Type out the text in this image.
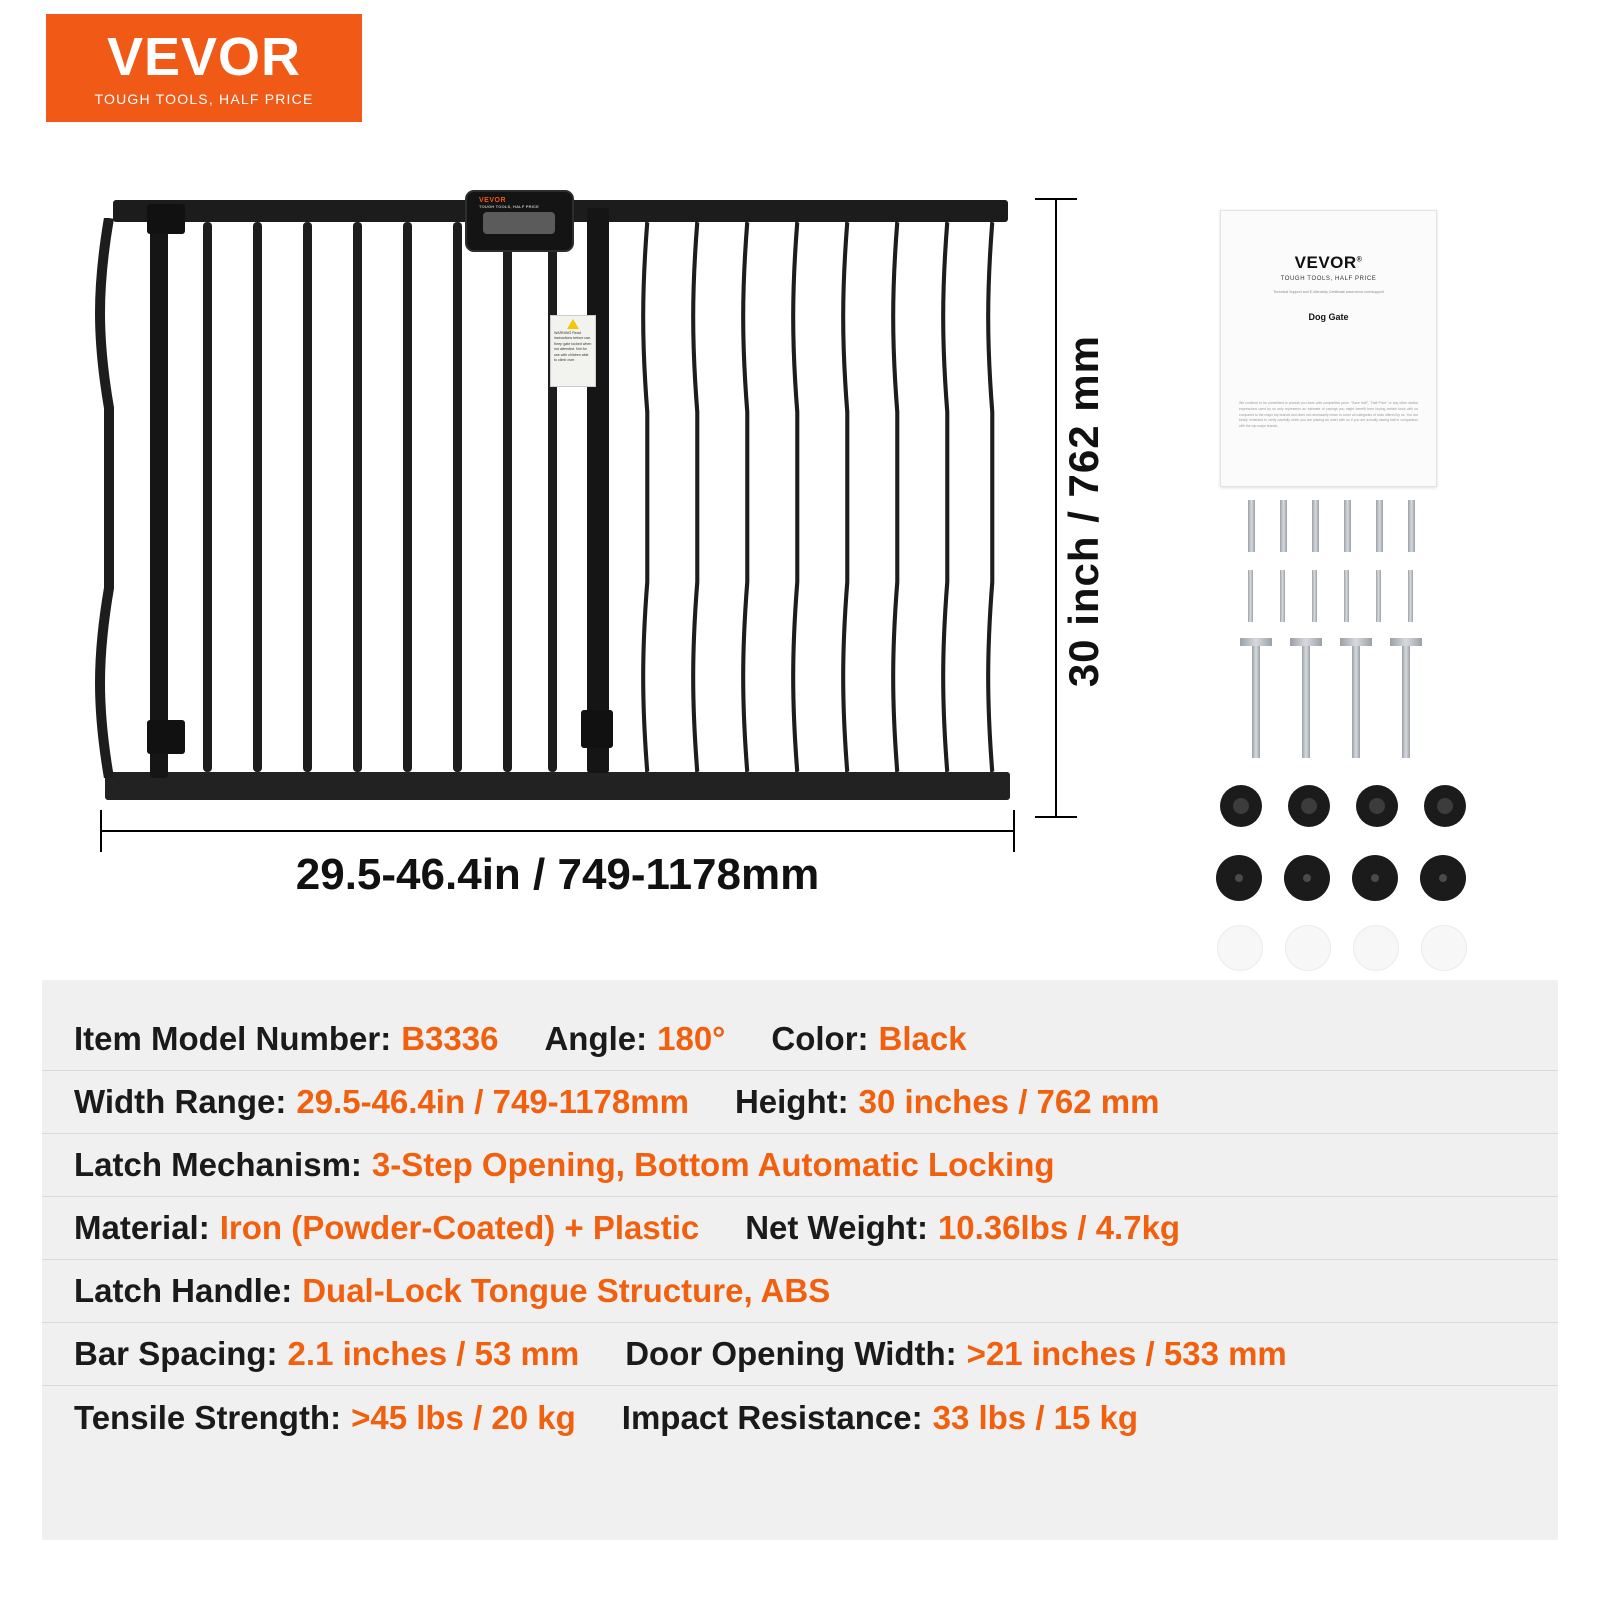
VEVOR
TOUGH TOOLS, HALF PRICE
VEVOR
TOUGH TOOLS, HALF PRICE
WARNING Read instructions before use. Keep gate locked when not attended. Not for use with children able to climb over.	30 inch / 762 mm
29.5-46.4in / 749-1178mm
VEVOR®
TOUGH TOOLS, HALF PRICE
Technical Support and E-Warranty Certificate www.vevor.com/support
Dog Gate
We continue to be committed to provide you tools with competitive price. "Save Half", "Half Price" or any other similar expressions used by us only represents an estimate of savings you might benefit from buying certain tools with us compared to the major top brands and does not necessarily mean to cover all categories of tools offered by us. You are kindly reminded to verify carefully when you are placing an order with us if you are actually saving half in comparison with the top major brands.
Item Model Number: B3336 Angle: 180° Color: Black
Width Range: 29.5-46.4in / 749-1178mm Height: 30 inches / 762 mm
Latch Mechanism: 3-Step Opening, Bottom Automatic Locking
Material: Iron (Powder-Coated) + Plastic Net Weight: 10.36lbs / 4.7kg
Latch Handle: Dual-Lock Tongue Structure, ABS
Bar Spacing: 2.1 inches / 53 mm Door Opening Width: >21 inches / 533 mm
Tensile Strength: >45 lbs / 20 kg Impact Resistance: 33 lbs / 15 kg
